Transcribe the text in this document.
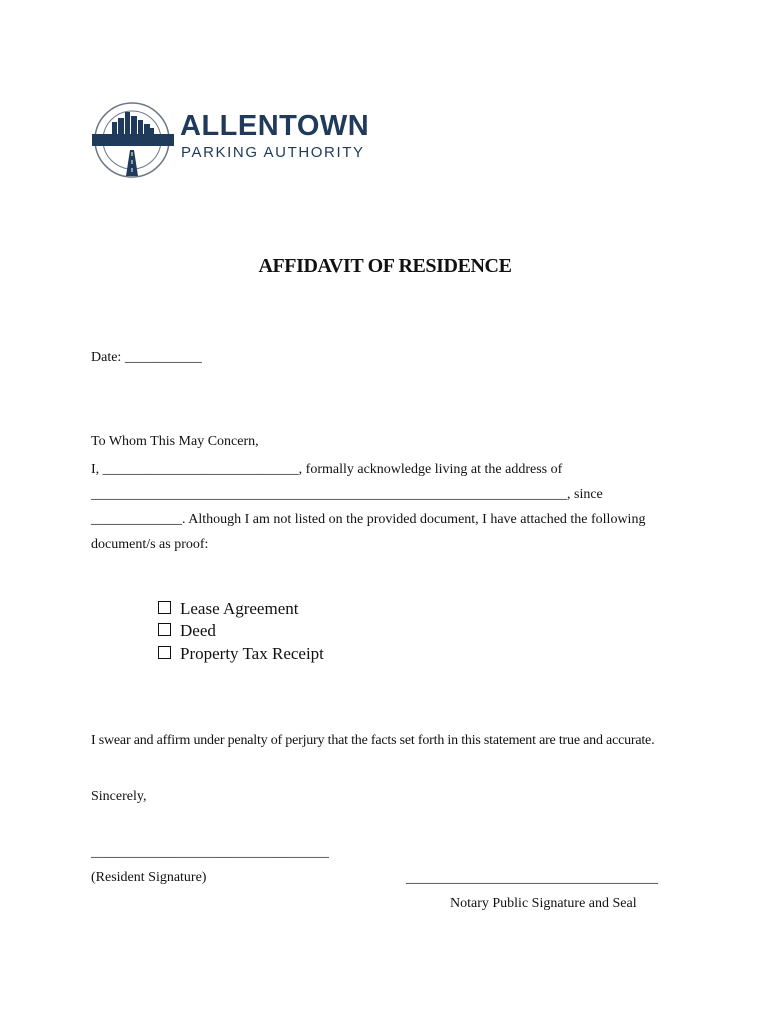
ALLENTOWN
PARKING AUTHORITY
AFFIDAVIT OF RESIDENCE
Date: ___________
To Whom This May Concern,
I, ____________________________, formally acknowledge living at the address of
____________________________________________________________________, since
_____________. Although I am not listed on the provided document, I have attached the following
document/s as proof:
Lease Agreement
Deed
Property Tax Receipt
I swear and affirm under penalty of perjury that the facts set forth in this statement are true and accurate.
Sincerely,
__________________________________
(Resident Signature)	____________________________________
Notary Public Signature and Seal
